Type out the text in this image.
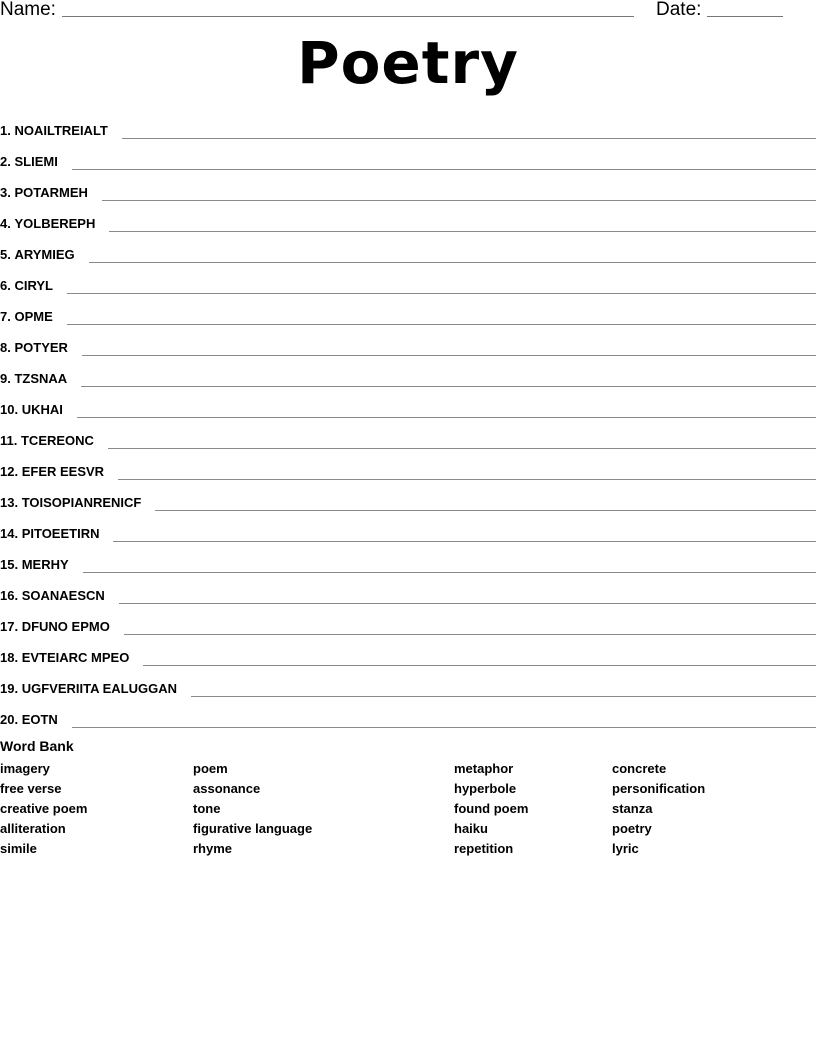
Name:	Date:
Poetry
1.
NOAILTREIALT
2.
SLIEMI
3.
POTARMEH
4.
YOLBEREPH
5.
ARYMIEG
6.
CIRYL
7.
OPME
8.
POTYER
9.
TZSNAA
10.
UKHAI
11.
TCEREONC
12.
EFER EESVR
13.
TOISOPIANRENICF
14.
PITOEETIRN
15.
MERHY
16.
SOANAESCN
17.
DFUNO EPMO
18.
EVTEIARC MPEO
19.
UGFVERIITA EALUGGAN
20.
EOTN
Word Bank
imagery
free verse
creative poem
alliteration
simile
poem
assonance
tone
figurative language
rhyme
metaphor
hyperbole
found poem
haiku
repetition
concrete
personification
stanza
poetry
lyric
